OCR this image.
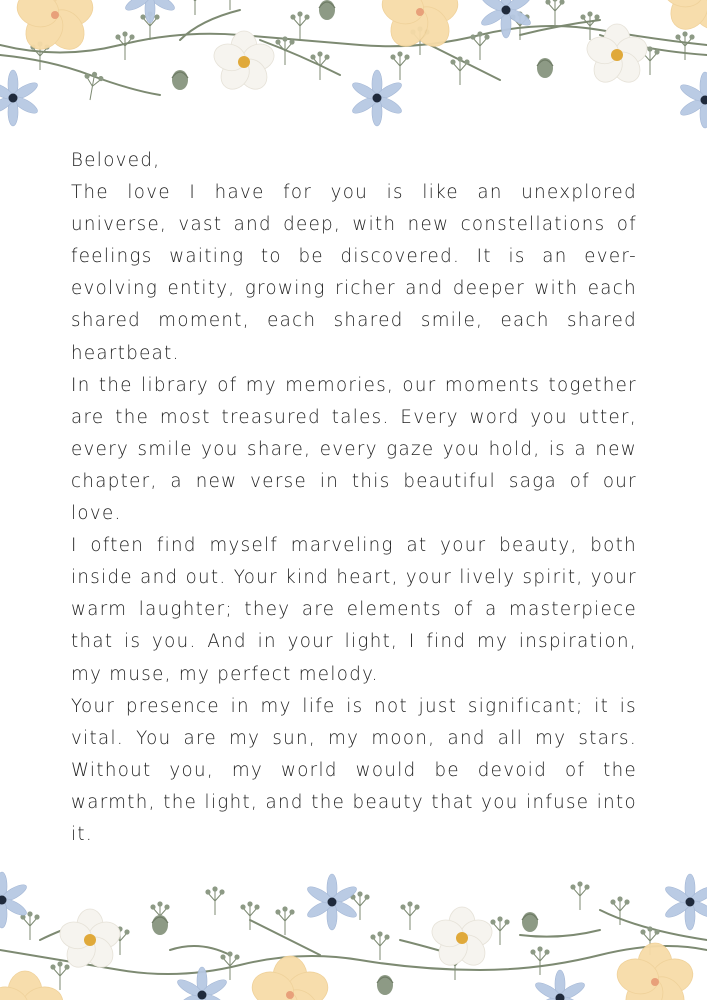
Beloved,

The love I have for you is like an unexplored universe, vast and deep, with new constellations of feelings waiting to be discovered. It is an ever-evolving entity, growing richer and deeper with each shared moment, each shared smile, each shared heartbeat.

In the library of my memories, our moments together are the most treasured tales. Every word you utter, every smile you share, every gaze you hold, is a new chapter, a new verse in this beautiful saga of our love.

I often find myself marveling at your beauty, both inside and out. Your kind heart, your lively spirit, your warm laughter; they are elements of a masterpiece that is you. And in your light, I find my inspiration, my muse, my perfect melody.

Your presence in my life is not just significant; it is vital. You are my sun, my moon, and all my stars. Without you, my world would be devoid of the warmth, the light, and the beauty that you infuse into it.
